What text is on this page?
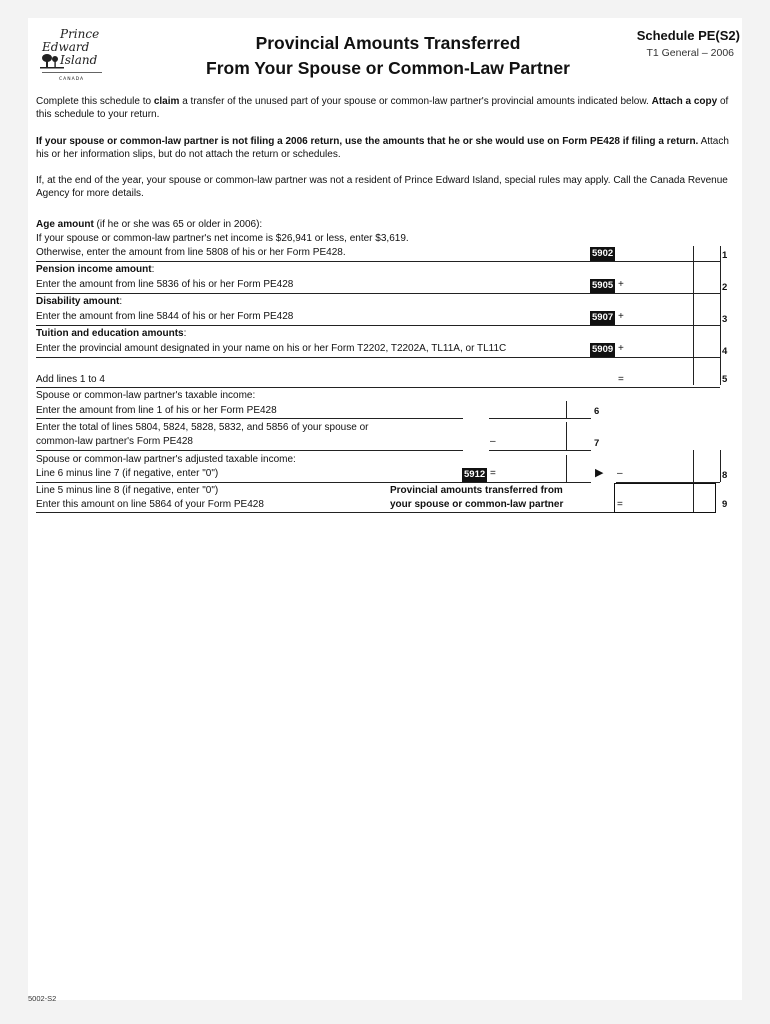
Prince
Edward
Island
CANADA
Provincial Amounts Transferred
From Your Spouse or Common-Law Partner
Schedule PE(S2)
T1 General – 2006
Complete this schedule to claim a transfer of the unused part of your spouse or common-law partner's provincial amounts indicated below. Attach a copy of this schedule to your return.
If your spouse or common-law partner is not filing a 2006 return, use the amounts that he or she would use on Form PE428 if filing a return. Attach his or her information slips, but do not attach the return or schedules.
If, at the end of the year, your spouse or common-law partner was not a resident of Prince Edward Island, special rules may apply. Call the Canada Revenue Agency for more details.
Age amount (if he or she was 65 or older in 2006):
If your spouse or common-law partner's net income is $26,941 or less, enter $3,619.
Otherwise, enter the amount from line 5808 of his or her Form PE428.	5902	1
Pension income amount:
Enter the amount from line 5836 of his or her Form PE428	5905 +	2
Disability amount:
Enter the amount from line 5844 of his or her Form PE428	5907 +	3
Tuition and education amounts:
Enter the provincial amount designated in your name on his or her Form T2202, T2202A, TL11A, or TL11C	5909 +	4
Add lines 1 to 4	=	5
Spouse or common-law partner's taxable income:
Enter the amount from line 1 of his or her Form PE428	6
Enter the total of lines 5804, 5824, 5828, 5832, and 5856 of your spouse or
common-law partner's Form PE428	–	7
Spouse or common-law partner's adjusted taxable income:
Line 6 minus line 7 (if negative, enter "0")	5912 =	▶ –	8
Line 5 minus line 8 (if negative, enter "0")
Enter this amount on line 5864 of your Form PE428
Provincial amounts transferred from
your spouse or common-law partner	=	9
5002-S2
